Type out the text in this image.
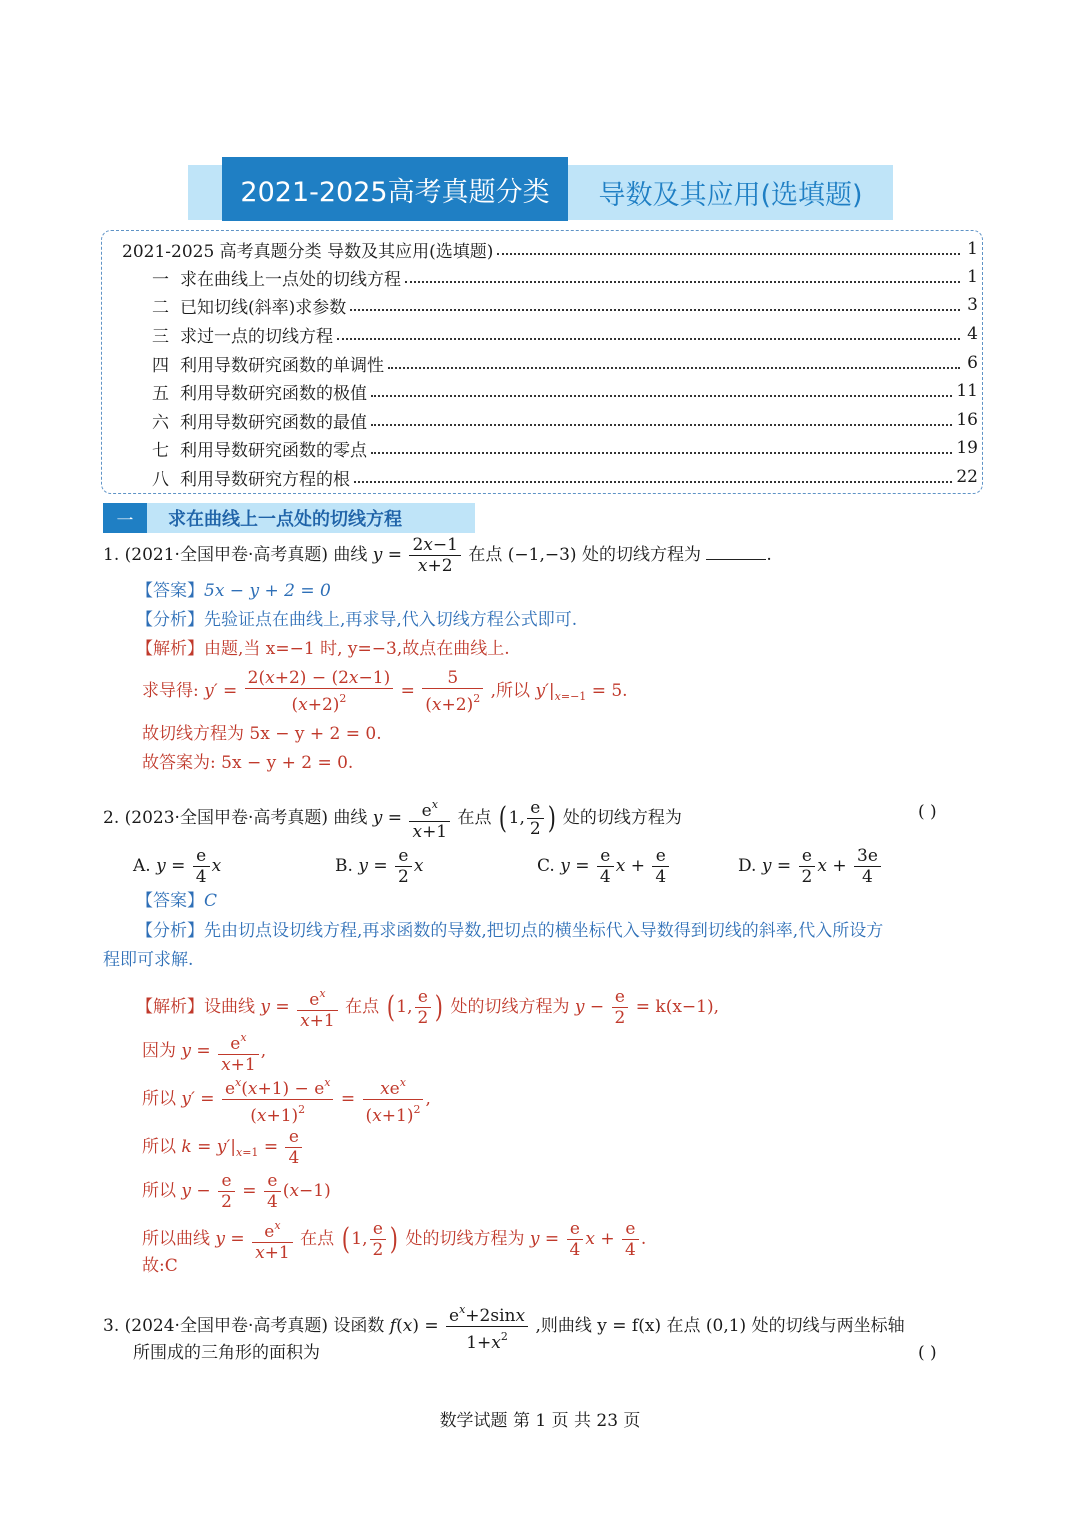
2021-2025高考真题分类	导数及其应用(选填题)
2021-2025 高考真题分类 导数及其应用(选填题)	1
一 求在曲线上一点处的切线方程	1
二 已知切线(斜率)求参数	3
三 求过一点的切线方程	4
四 利用导数研究函数的单调性	6
五 利用导数研究函数的极值	11
六 利用导数研究函数的最值	16
七 利用导数研究函数的零点	19
八 利用导数研究方程的根	22
一	求在曲线上一点处的切线方程
1. (2021·全国甲卷·高考真题) 曲线 $y = \frac{2x-1}{x+2}$ 在点 (−1,−3) 处的切线方程为	.
【答案】5x − y + 2 = 0
【分析】先验证点在曲线上,再求导,代入切线方程公式即可.
【解析】由题,当 x=−1 时, y=−3,故点在曲线上.
求导得: $y' = \frac{2(x+2) - (2x-1)}{(x+2)^2} = \frac{5}{(x+2)^2}$ ,所以 $y'|_{x=-1} = 5$.
故切线方程为 5x − y + 2 = 0.
故答案为: 5x − y + 2 = 0.
2. (2023·全国甲卷·高考真题) 曲线 $y = \frac{e^x}{x+1}$ 在点 ( 1, $\frac{e}{2}$ ) 处的切线方程为	( )
A. $y = \frac{e}{4}$ x	B. $y = \frac{e}{2}$ x	C. $y = \frac{e}{4}$ $x + \frac{e}{4}$	D. $y = \frac{e}{2}$ $x + \frac{3e}{4}$
【答案】C
【分析】先由切点设切线方程,再求函数的导数,把切点的横坐标代入导数得到切线的斜率,代入所设方
程即可求解.
【解析】设曲线 $y = \frac{e^x}{x+1}$ 在点 ( 1, $\frac{e}{2}$ ) 处的切线方程为 $y - \frac{e}{2} = k(x-1)$,
因为 $y = \frac{e^x}{x+1}$ ,
所以 $y' = \frac{e^x(x+1) - e^x}{(x+1)^2} = \frac{xe^x}{(x+1)^2}$ ,
所以 $k = y'|_{x=1} = \frac{e}{4}$
所以 $y - \frac{e}{2} = \frac{e}{4} (x-1)$
所以曲线 $y = \frac{e^x}{x+1}$ 在点 ( 1, $\frac{e}{2}$ ) 处的切线方程为 $y = \frac{e}{4}$ $x + \frac{e}{4}$ .
故:C
3. (2024·全国甲卷·高考真题) 设函数 $f(x) = \frac{e^x+2\sin x}{1+x^2}$ ,则曲线 y = f(x) 在点 (0,1) 处的切线与两坐标轴
所围成的三角形的面积为	( )
数学试题 第 1 页 共 23 页
